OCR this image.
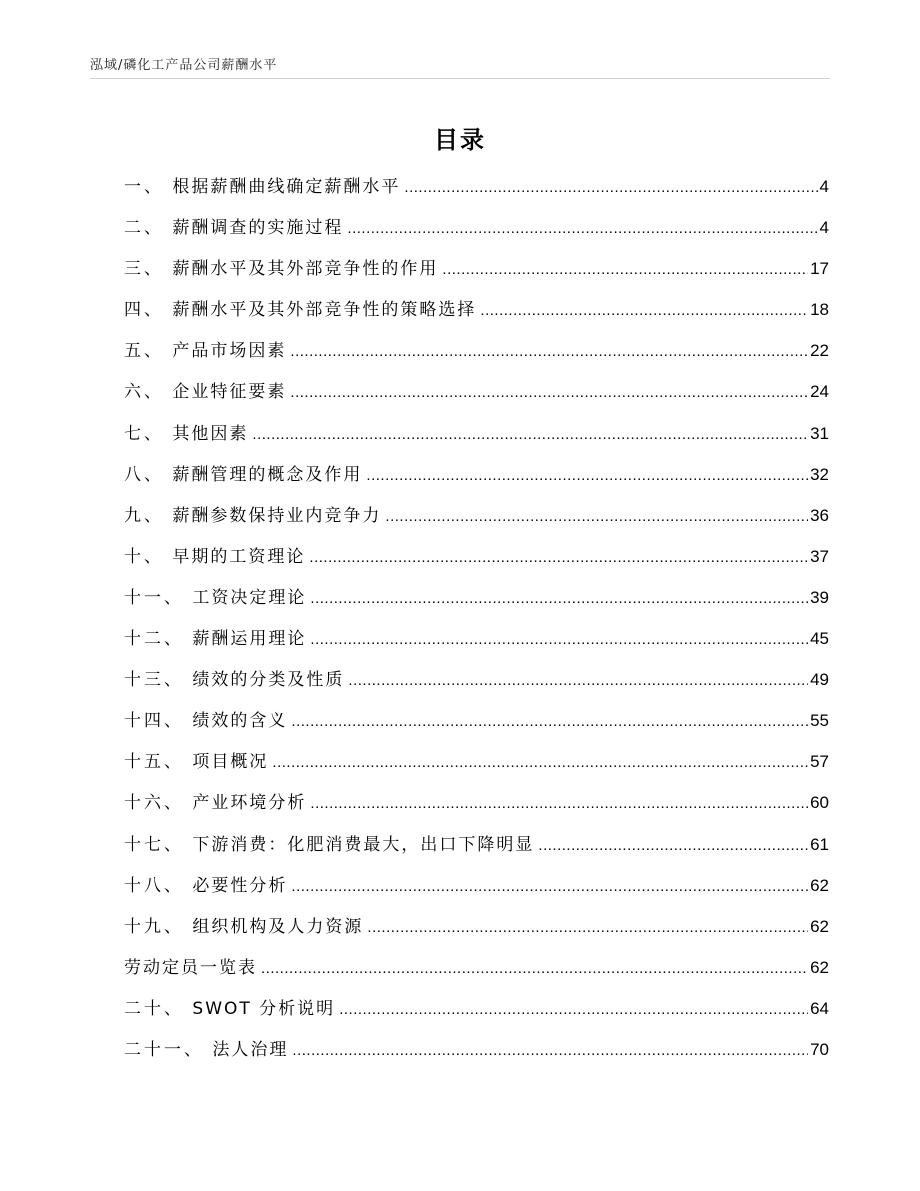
泓域/磷化工产品公司薪酬水平
目录
一、 根据薪酬曲线确定薪酬水平 .....	4
二、 薪酬调查的实施过程 .....	4
三、 薪酬水平及其外部竞争性的作用 .....	17
四、 薪酬水平及其外部竞争性的策略选择 .....	18
五、 产品市场因素 .....	22
六、 企业特征要素 .....	24
七、 其他因素 .....	31
八、 薪酬管理的概念及作用 .....	32
九、 薪酬参数保持业内竞争力 .....	36
十、 早期的工资理论 .....	37
十一、 工资决定理论 .....	39
十二、 薪酬运用理论 .....	45
十三、 绩效的分类及性质 .....	49
十四、 绩效的含义 .....	55
十五、 项目概况 .....	57
十六、 产业环境分析 .....	60
十七、 下游消费：化肥消费最大，出口下降明显 .....	61
十八、 必要性分析 .....	62
十九、 组织机构及人力资源 .....	62
劳动定员一览表 .....	62
二十、 SWOT 分析说明 .....	64
二十一、 法人治理 .....	70
